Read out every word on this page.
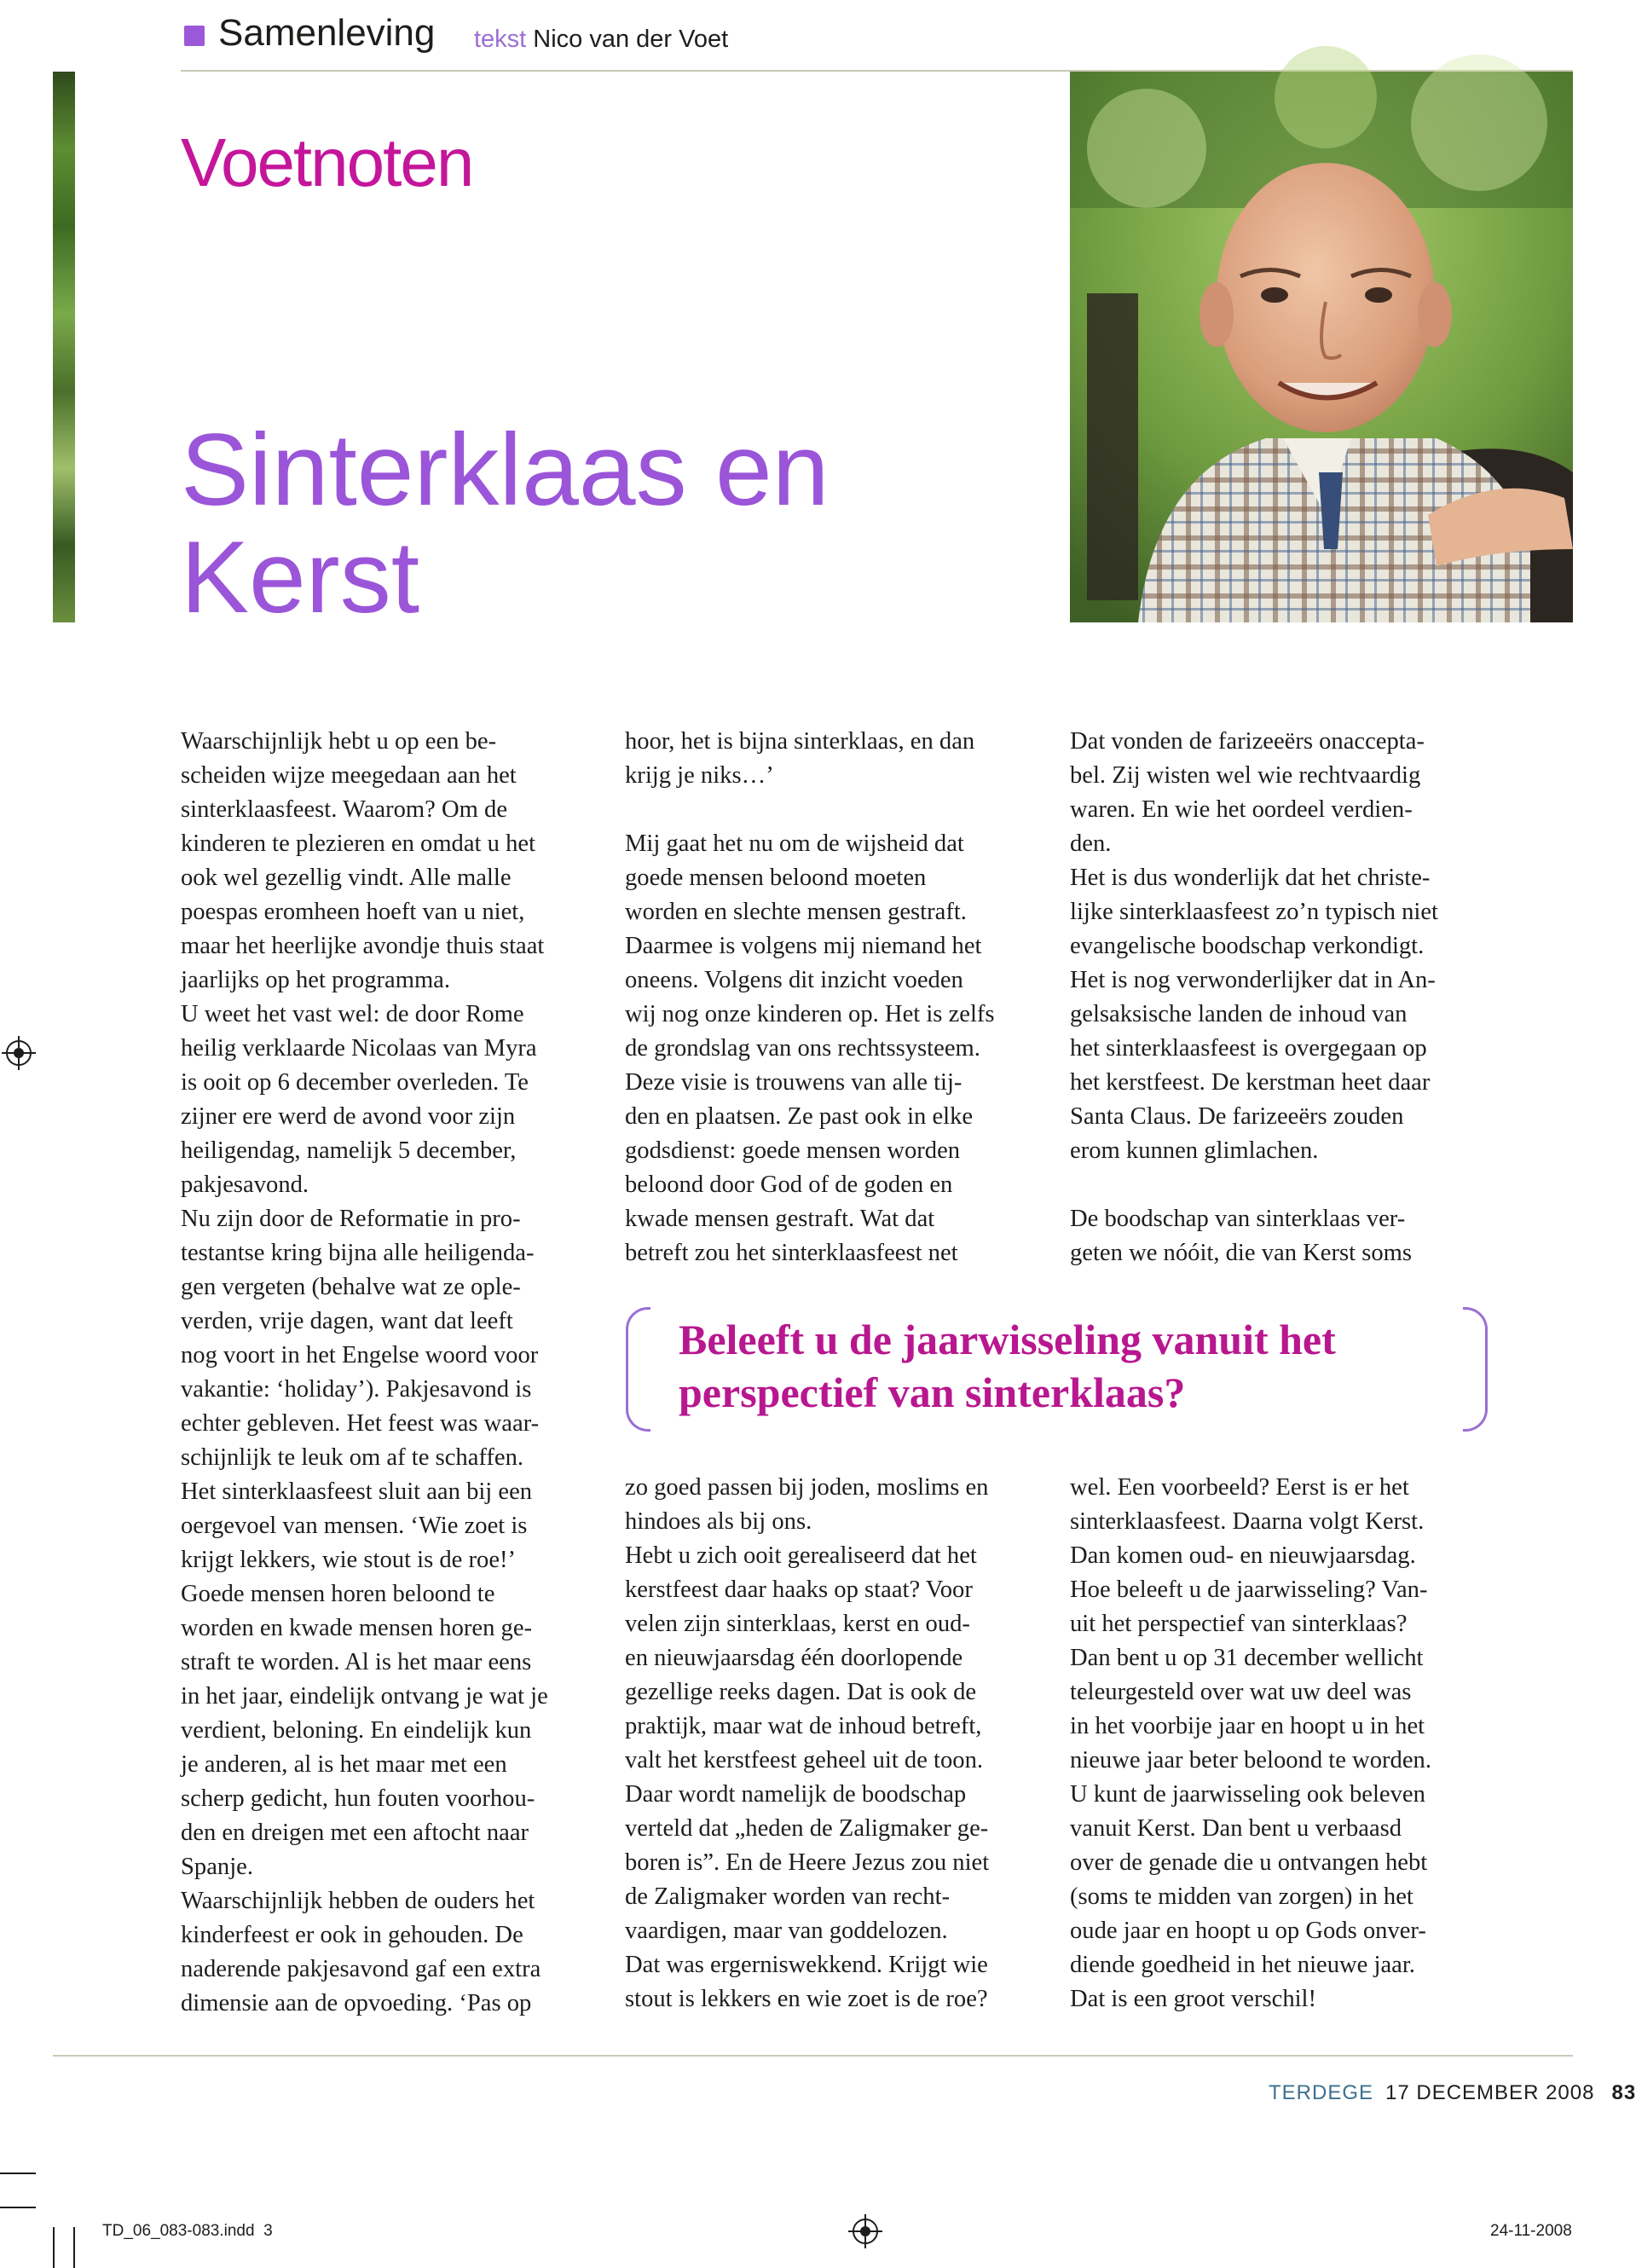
Samenleving tekst Nico van der Voet
Voetnoten
Sinterklaas en
Kerst

Waarschijnlijk hebt u op een be-

scheiden wijze meegedaan aan het

sinterklaasfeest. Waarom? Om de

kinderen te plezieren en omdat u het

ook wel gezellig vindt. Alle malle

poespas eromheen hoeft van u niet,

maar het heerlijke avondje thuis staat

jaarlijks op het programma.

U weet het vast wel: de door Rome

heilig verklaarde Nicolaas van Myra

is ooit op 6 december overleden. Te

zijner ere werd de avond voor zijn

heiligendag, namelijk 5 december,

pakjesavond.

Nu zijn door de Reformatie in pro-

testantse kring bijna alle heiligenda-

gen vergeten (behalve wat ze ople-

verden, vrije dagen, want dat leeft

nog voort in het Engelse woord voor

vakantie: ‘holiday’). Pakjesavond is

echter gebleven. Het feest was waar-

schijnlijk te leuk om af te schaffen.

Het sinterklaasfeest sluit aan bij een

oergevoel van mensen. ‘Wie zoet is

krijgt lekkers, wie stout is de roe!’

Goede mensen horen beloond te

worden en kwade mensen horen ge-

straft te worden. Al is het maar eens

in het jaar, eindelijk ontvang je wat je

verdient, beloning. En eindelijk kun

je anderen, al is het maar met een

scherp gedicht, hun fouten voorhou-

den en dreigen met een aftocht naar

Spanje.

Waarschijnlijk hebben de ouders het

kinderfeest er ook in gehouden. De

naderende pakjesavond gaf een extra

dimensie aan de opvoeding. ‘Pas op

hoor, het is bijna sinterklaas, en dan

krijg je niks…’

Mij gaat het nu om de wijsheid dat

goede mensen beloond moeten

worden en slechte mensen gestraft.

Daarmee is volgens mij niemand het

oneens. Volgens dit inzicht voeden

wij nog onze kinderen op. Het is zelfs

de grondslag van ons rechtssysteem.

Deze visie is trouwens van alle tij-

den en plaatsen. Ze past ook in elke

godsdienst: goede mensen worden

beloond door God of de goden en

kwade mensen gestraft. Wat dat

betreft zou het sinterklaasfeest net

Dat vonden de farizeeërs onaccepta-

bel. Zij wisten wel wie rechtvaardig

waren. En wie het oordeel verdien-

den.

Het is dus wonderlijk dat het christe-

lijke sinterklaasfeest zo’n typisch niet

evangelische boodschap verkondigt.

Het is nog verwonderlijker dat in An-

gelsaksische landen de inhoud van

het sinterklaasfeest is overgegaan op

het kerstfeest. De kerstman heet daar

Santa Claus. De farizeeërs zouden

erom kunnen glimlachen.

De boodschap van sinterklaas ver-

geten we nóóit, die van Kerst soms

Beleeft u de jaarwisseling vanuit het
perspectief van sinterklaas?

zo goed passen bij joden, moslims en

hindoes als bij ons.

Hebt u zich ooit gerealiseerd dat het

kerstfeest daar haaks op staat? Voor

velen zijn sinterklaas, kerst en oud-

en nieuwjaarsdag één doorlopende

gezellige reeks dagen. Dat is ook de

praktijk, maar wat de inhoud betreft,

valt het kerstfeest geheel uit de toon.

Daar wordt namelijk de boodschap

verteld dat „heden de Zaligmaker ge-

boren is”. En de Heere Jezus zou niet

de Zaligmaker worden van recht-

vaardigen, maar van goddelozen.

Dat was ergerniswekkend. Krijgt wie

stout is lekkers en wie zoet is de roe?

wel. Een voorbeeld? Eerst is er het

sinterklaasfeest. Daarna volgt Kerst.

Dan komen oud- en nieuwjaarsdag.

Hoe beleeft u de jaarwisseling? Van-

uit het perspectief van sinterklaas?

Dan bent u op 31 december wellicht

teleurgesteld over wat uw deel was

in het voorbije jaar en hoopt u in het

nieuwe jaar beter beloond te worden.

U kunt de jaarwisseling ook beleven

vanuit Kerst. Dan bent u verbaasd

over de genade die u ontvangen hebt

(soms te midden van zorgen) in het

oude jaar en hoopt u op Gods onver-

diende goedheid in het nieuwe jaar.

Dat is een groot verschil!

TERDEGE 17 DECEMBER 2008 83
TD_06_083-083.indd 3	24-11-2008
